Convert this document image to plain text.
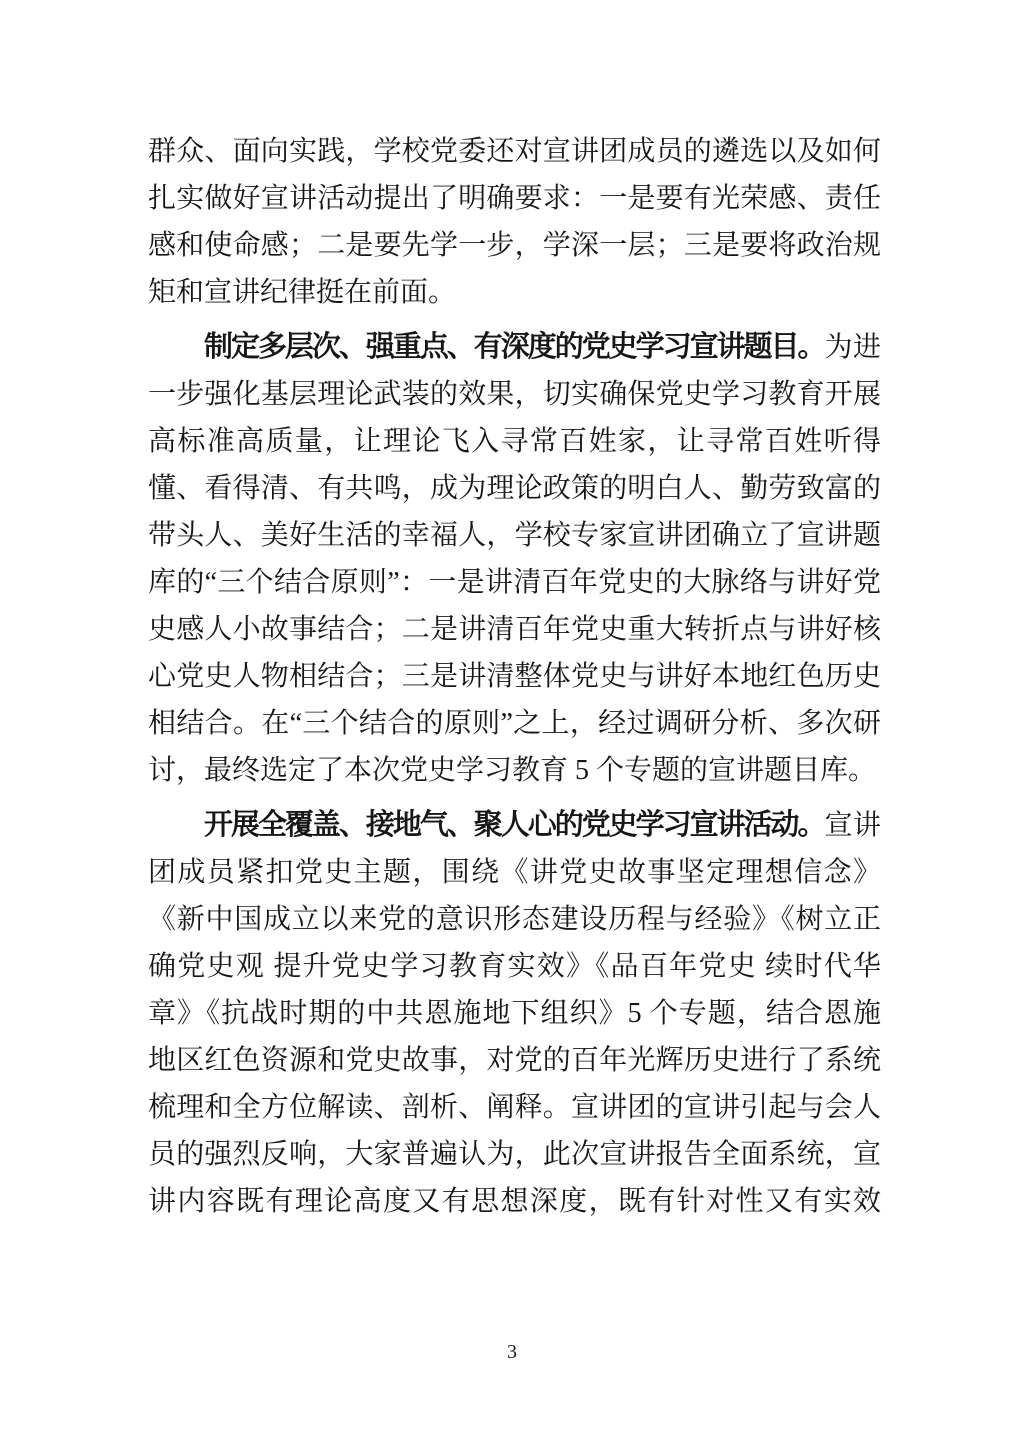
群众、面向实践，学校党委还对宣讲团成员的遴选以及如何扎实做好宣讲活动提出了明确要求：一是要有光荣感、责任感和使命感；二是要先学一步，学深一层；三是要将政治规矩和宣讲纪律挺在前面。

制定多层次、强重点、有深度的党史学习宣讲题目。为进一步强化基层理论武装的效果，切实确保党史学习教育开展高标准高质量，让理论飞入寻常百姓家，让寻常百姓听得懂、看得清、有共鸣，成为理论政策的明白人、勤劳致富的带头人、美好生活的幸福人，学校专家宣讲团确立了宣讲题库的“三个结合原则”：一是讲清百年党史的大脉络与讲好党史感人小故事结合；二是讲清百年党史重大转折点与讲好核心党史人物相结合；三是讲清整体党史与讲好本地红色历史相结合。在“三个结合的原则”之上，经过调研分析、多次研讨，最终选定了本次党史学习教育 5 个专题的宣讲题目库。

开展全覆盖、接地气、聚人心的党史学习宣讲活动。宣讲团成员紧扣党史主题，围绕《讲党史故事坚定理想信念》《新中国成立以来党的意识形态建设历程与经验》《树立正确党史观 提升党史学习教育实效》《品百年党史 续时代华章》《抗战时期的中共恩施地下组织》5 个专题，结合恩施地区红色资源和党史故事，对党的百年光辉历史进行了系统梳理和全方位解读、剖析、阐释。宣讲团的宣讲引起与会人员的强烈反响，大家普遍认为，此次宣讲报告全面系统，宣讲内容既有理论高度又有思想深度，既有针对性又有实效

3
